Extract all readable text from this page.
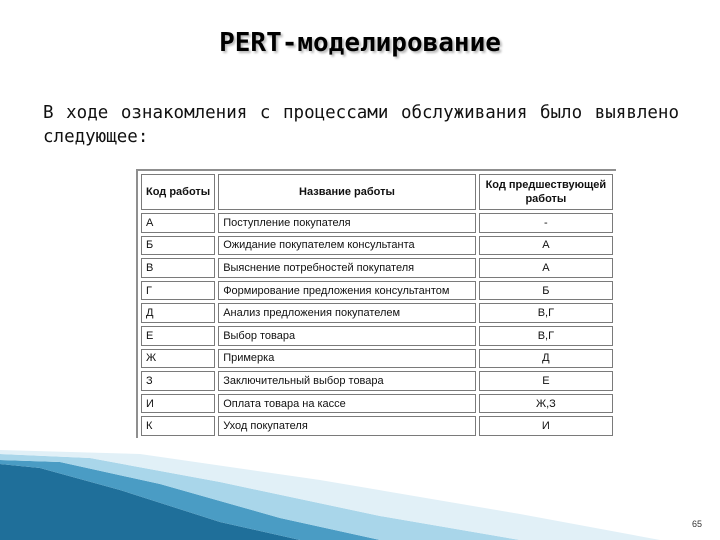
PERT-моделирование
В ходе ознакомления с процессами обслуживания было выявлено следующее:
Код работы	Название работы	Код предшествующей работы
А	Поступление покупателя	-
Б	Ожидание покупателем консультанта	А
В	Выяснение потребностей покупателя	А
Г	Формирование предложения консультантом	Б
Д	Анализ предложения покупателем	В,Г
Е	Выбор товара	В,Г
Ж	Примерка	Д
З	Заключительный выбор товара	Е
И	Оплата товара на кассе	Ж,З
К	Уход покупателя	И
65
